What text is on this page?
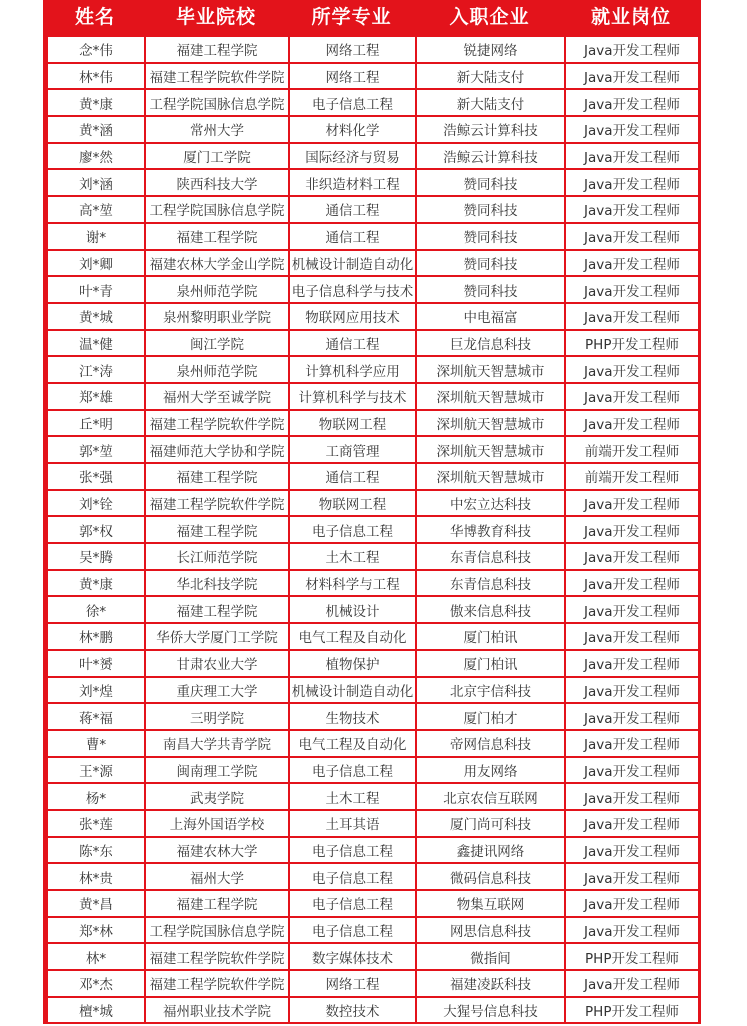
姓名	毕业院校	所学专业	入职企业	就业岗位
念*伟	福建工程学院	网络工程	锐捷网络	Java开发工程师
林*伟	福建工程学院软件学院	网络工程	新大陆支付	Java开发工程师
黄*康	工程学院国脉信息学院	电子信息工程	新大陆支付	Java开发工程师
黄*涵	常州大学	材料化学	浩鲸云计算科技	Java开发工程师
廖*然	厦门工学院	国际经济与贸易	浩鲸云计算科技	Java开发工程师
刘*涵	陕西科技大学	非织造材料工程	赞同科技	Java开发工程师
高*堃	工程学院国脉信息学院	通信工程	赞同科技	Java开发工程师
谢*	福建工程学院	通信工程	赞同科技	Java开发工程师
刘*卿	福建农林大学金山学院	机械设计制造自动化	赞同科技	Java开发工程师
叶*青	泉州师范学院	电子信息科学与技术	赞同科技	Java开发工程师
黄*城	泉州黎明职业学院	物联网应用技术	中电福富	Java开发工程师
温*健	闽江学院	通信工程	巨龙信息科技	PHP开发工程师
江*涛	泉州师范学院	计算机科学应用	深圳航天智慧城市	Java开发工程师
郑*雄	福州大学至诚学院	计算机科学与技术	深圳航天智慧城市	Java开发工程师
丘*明	福建工程学院软件学院	物联网工程	深圳航天智慧城市	Java开发工程师
郭*堃	福建师范大学协和学院	工商管理	深圳航天智慧城市	前端开发工程师
张*强	福建工程学院	通信工程	深圳航天智慧城市	前端开发工程师
刘*铨	福建工程学院软件学院	物联网工程	中宏立达科技	Java开发工程师
郭*权	福建工程学院	电子信息工程	华博教育科技	Java开发工程师
吴*腾	长江师范学院	土木工程	东青信息科技	Java开发工程师
黄*康	华北科技学院	材料科学与工程	东青信息科技	Java开发工程师
徐*	福建工程学院	机械设计	傲来信息科技	Java开发工程师
林*鹏	华侨大学厦门工学院	电气工程及自动化	厦门柏讯	Java开发工程师
叶*赟	甘肃农业大学	植物保护	厦门柏讯	Java开发工程师
刘*煌	重庆理工大学	机械设计制造自动化	北京宇信科技	Java开发工程师
蒋*福	三明学院	生物技术	厦门柏才	Java开发工程师
曹*	南昌大学共青学院	电气工程及自动化	帝网信息科技	Java开发工程师
王*源	闽南理工学院	电子信息工程	用友网络	Java开发工程师
杨*	武夷学院	土木工程	北京农信互联网	Java开发工程师
张*莲	上海外国语学校	土耳其语	厦门尚可科技	Java开发工程师
陈*东	福建农林大学	电子信息工程	鑫捷讯网络	Java开发工程师
林*贵	福州大学	电子信息工程	微码信息科技	Java开发工程师
黄*昌	福建工程学院	电子信息工程	物集互联网	Java开发工程师
郑*林	工程学院国脉信息学院	电子信息工程	网思信息科技	Java开发工程师
林*	福建工程学院软件学院	数字媒体技术	微指间	PHP开发工程师
邓*杰	福建工程学院软件学院	网络工程	福建凌跃科技	Java开发工程师
檀*城	福州职业技术学院	数控技术	大猩号信息科技	PHP开发工程师
